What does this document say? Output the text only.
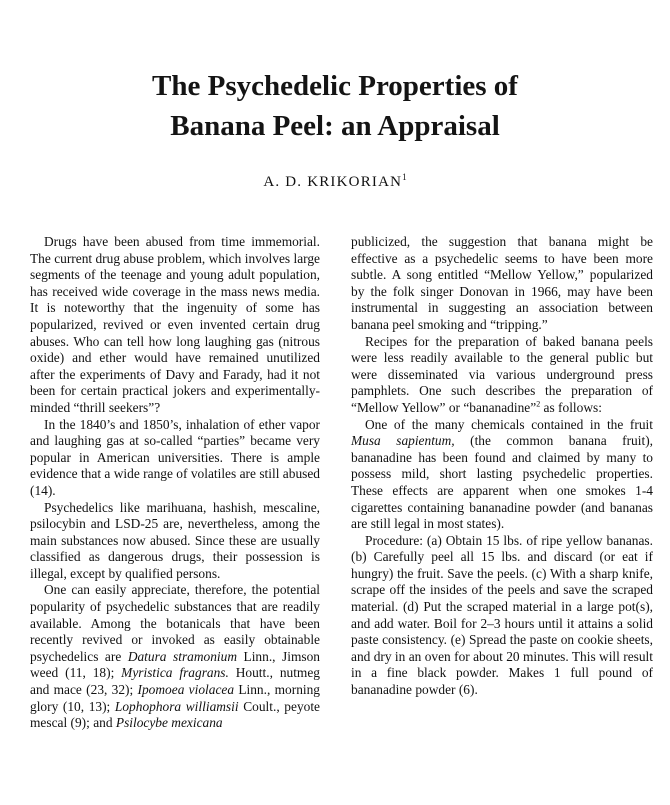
The Psychedelic Properties of
Banana Peel: an Appraisal
A. D. KRIKORIAN$^1$

Drugs have been abused from time immemorial. The current drug abuse problem, which involves large segments of the teenage and young adult population, has received wide coverage in the mass news media. It is noteworthy that the ingenuity of some has popularized, revived or even invented certain drug abuses. Who can tell how long laughing gas (nitrous oxide) and ether would have remained unutilized after the experiments of Davy and Farady, had it not been for certain practical jokers and experimentally-minded “thrill seekers”?

In the 1840’s and 1850’s, inhalation of ether vapor and laughing gas at so-called “parties” became very popular in American universities. There is ample evidence that a wide range of volatiles are still abused (14).

Psychedelics like marihuana, hashish, mescaline, psilocybin and LSD-25 are, nevertheless, among the main substances now abused. Since these are usually classified as dangerous drugs, their possession is illegal, except by qualified persons.

One can easily appreciate, therefore, the potential popularity of psychedelic substances that are readily available. Among the botanicals that have been recently revived or invoked as easily obtainable psychedelics are Datura stramonium Linn., Jimson weed (11, 18); Myristica fragrans. Houtt., nutmeg and mace (23, 32); Ipomoea violacea Linn., morning glory (10, 13); Lophophora williamsii Coult., peyote mescal (9); and Psilocybe mexicana

publicized, the suggestion that banana might be effective as a psychedelic seems to have been more subtle. A song entitled “Mellow Yellow,” popularized by the folk singer Donovan in 1966, may have been instrumental in suggesting an association between banana peel smoking and “tripping.”

Recipes for the preparation of baked banana peels were less readily available to the general public but were disseminated via various underground press pamphlets. One such describes the preparation of “Mellow Yellow” or “bananadine”$^2$ as follows:

One of the many chemicals contained in the fruit Musa sapientum, (the common banana fruit), bananadine has been found and claimed by many to possess mild, short lasting psychedelic properties. These effects are apparent when one smokes 1-4 cigarettes containing bananadine powder (and bananas are still legal in most states).

Procedure: (a) Obtain 15 lbs. of ripe yellow bananas. (b) Carefully peel all 15 lbs. and discard (or eat if hungry) the fruit. Save the peels. (c) With a sharp knife, scrape off the insides of the peels and save the scraped material. (d) Put the scraped material in a large pot(s), and add water. Boil for 2–3 hours until it attains a solid paste consistency. (e) Spread the paste on cookie sheets, and dry in an oven for about 20 minutes. This will result in a fine black powder. Makes 1 full pound of bananadine powder (6).
